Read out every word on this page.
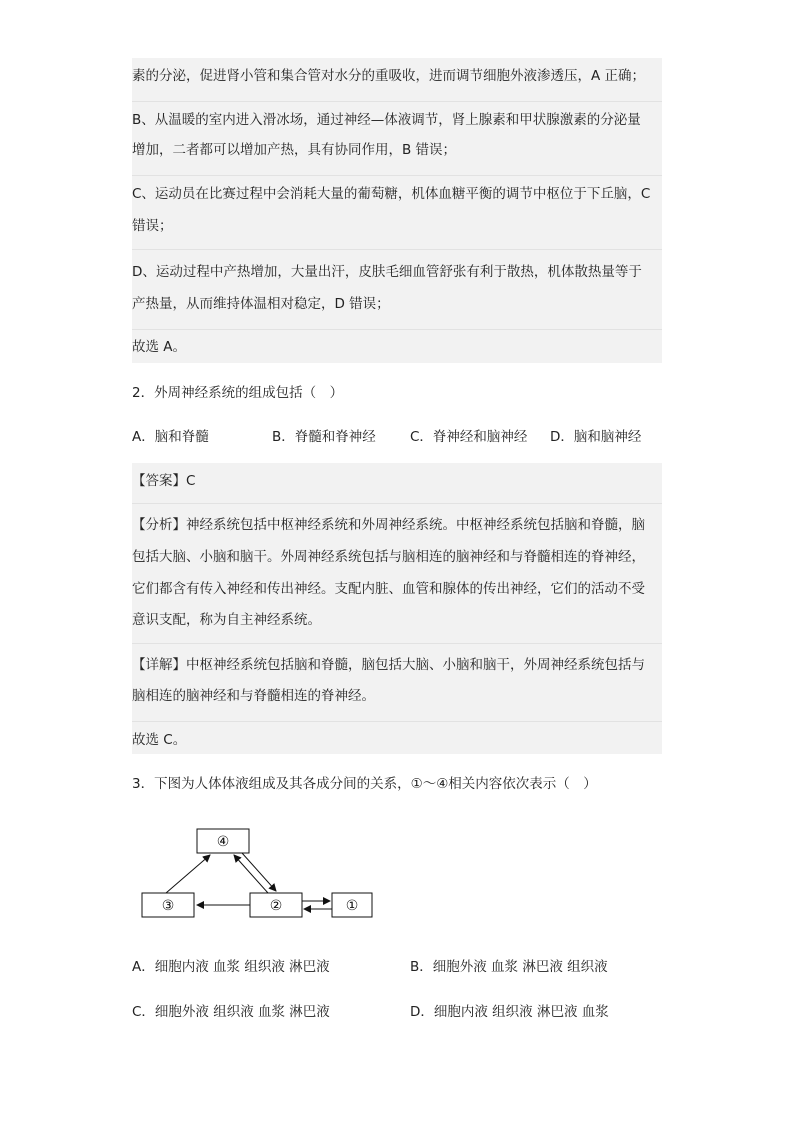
素的分泌，促进肾小管和集合管对水分的重吸收，进而调节细胞外液渗透压，A 正确；
B、从温暖的室内进入滑冰场，通过神经—体液调节，肾上腺素和甲状腺激素的分泌量
增加，二者都可以增加产热，具有协同作用，B 错误；
C、运动员在比赛过程中会消耗大量的葡萄糖，机体血糖平衡的调节中枢位于下丘脑，C
错误；
D、运动过程中产热增加，大量出汗，皮肤毛细血管舒张有利于散热，机体散热量等于
产热量，从而维持体温相对稳定，D 错误；
故选 A。
2．外周神经系统的组成包括（　）
A．脑和脊髓	B．脊髓和脊神经	C．脊神经和脑神经 D．脑和脑神经
【答案】C
【分析】神经系统包括中枢神经系统和外周神经系统。中枢神经系统包括脑和脊髓，脑
包括大脑、小脑和脑干。外周神经系统包括与脑相连的脑神经和与脊髓相连的脊神经，
它们都含有传入神经和传出神经。支配内脏、血管和腺体的传出神经，它们的活动不受
意识支配，称为自主神经系统。
【详解】中枢神经系统包括脑和脊髓，脑包括大脑、小脑和脑干，外周神经系统包括与
脑相连的脑神经和与脊髓相连的脊神经。
故选 C。
3．下图为人体体液组成及其各成分间的关系，①～④相关内容依次表示（　）
④
③	②	①
A．细胞内液 血浆 组织液 淋巴液	B．细胞外液 血浆 淋巴液 组织液
C．细胞外液 组织液 血浆 淋巴液	D．细胞内液 组织液 淋巴液 血浆
